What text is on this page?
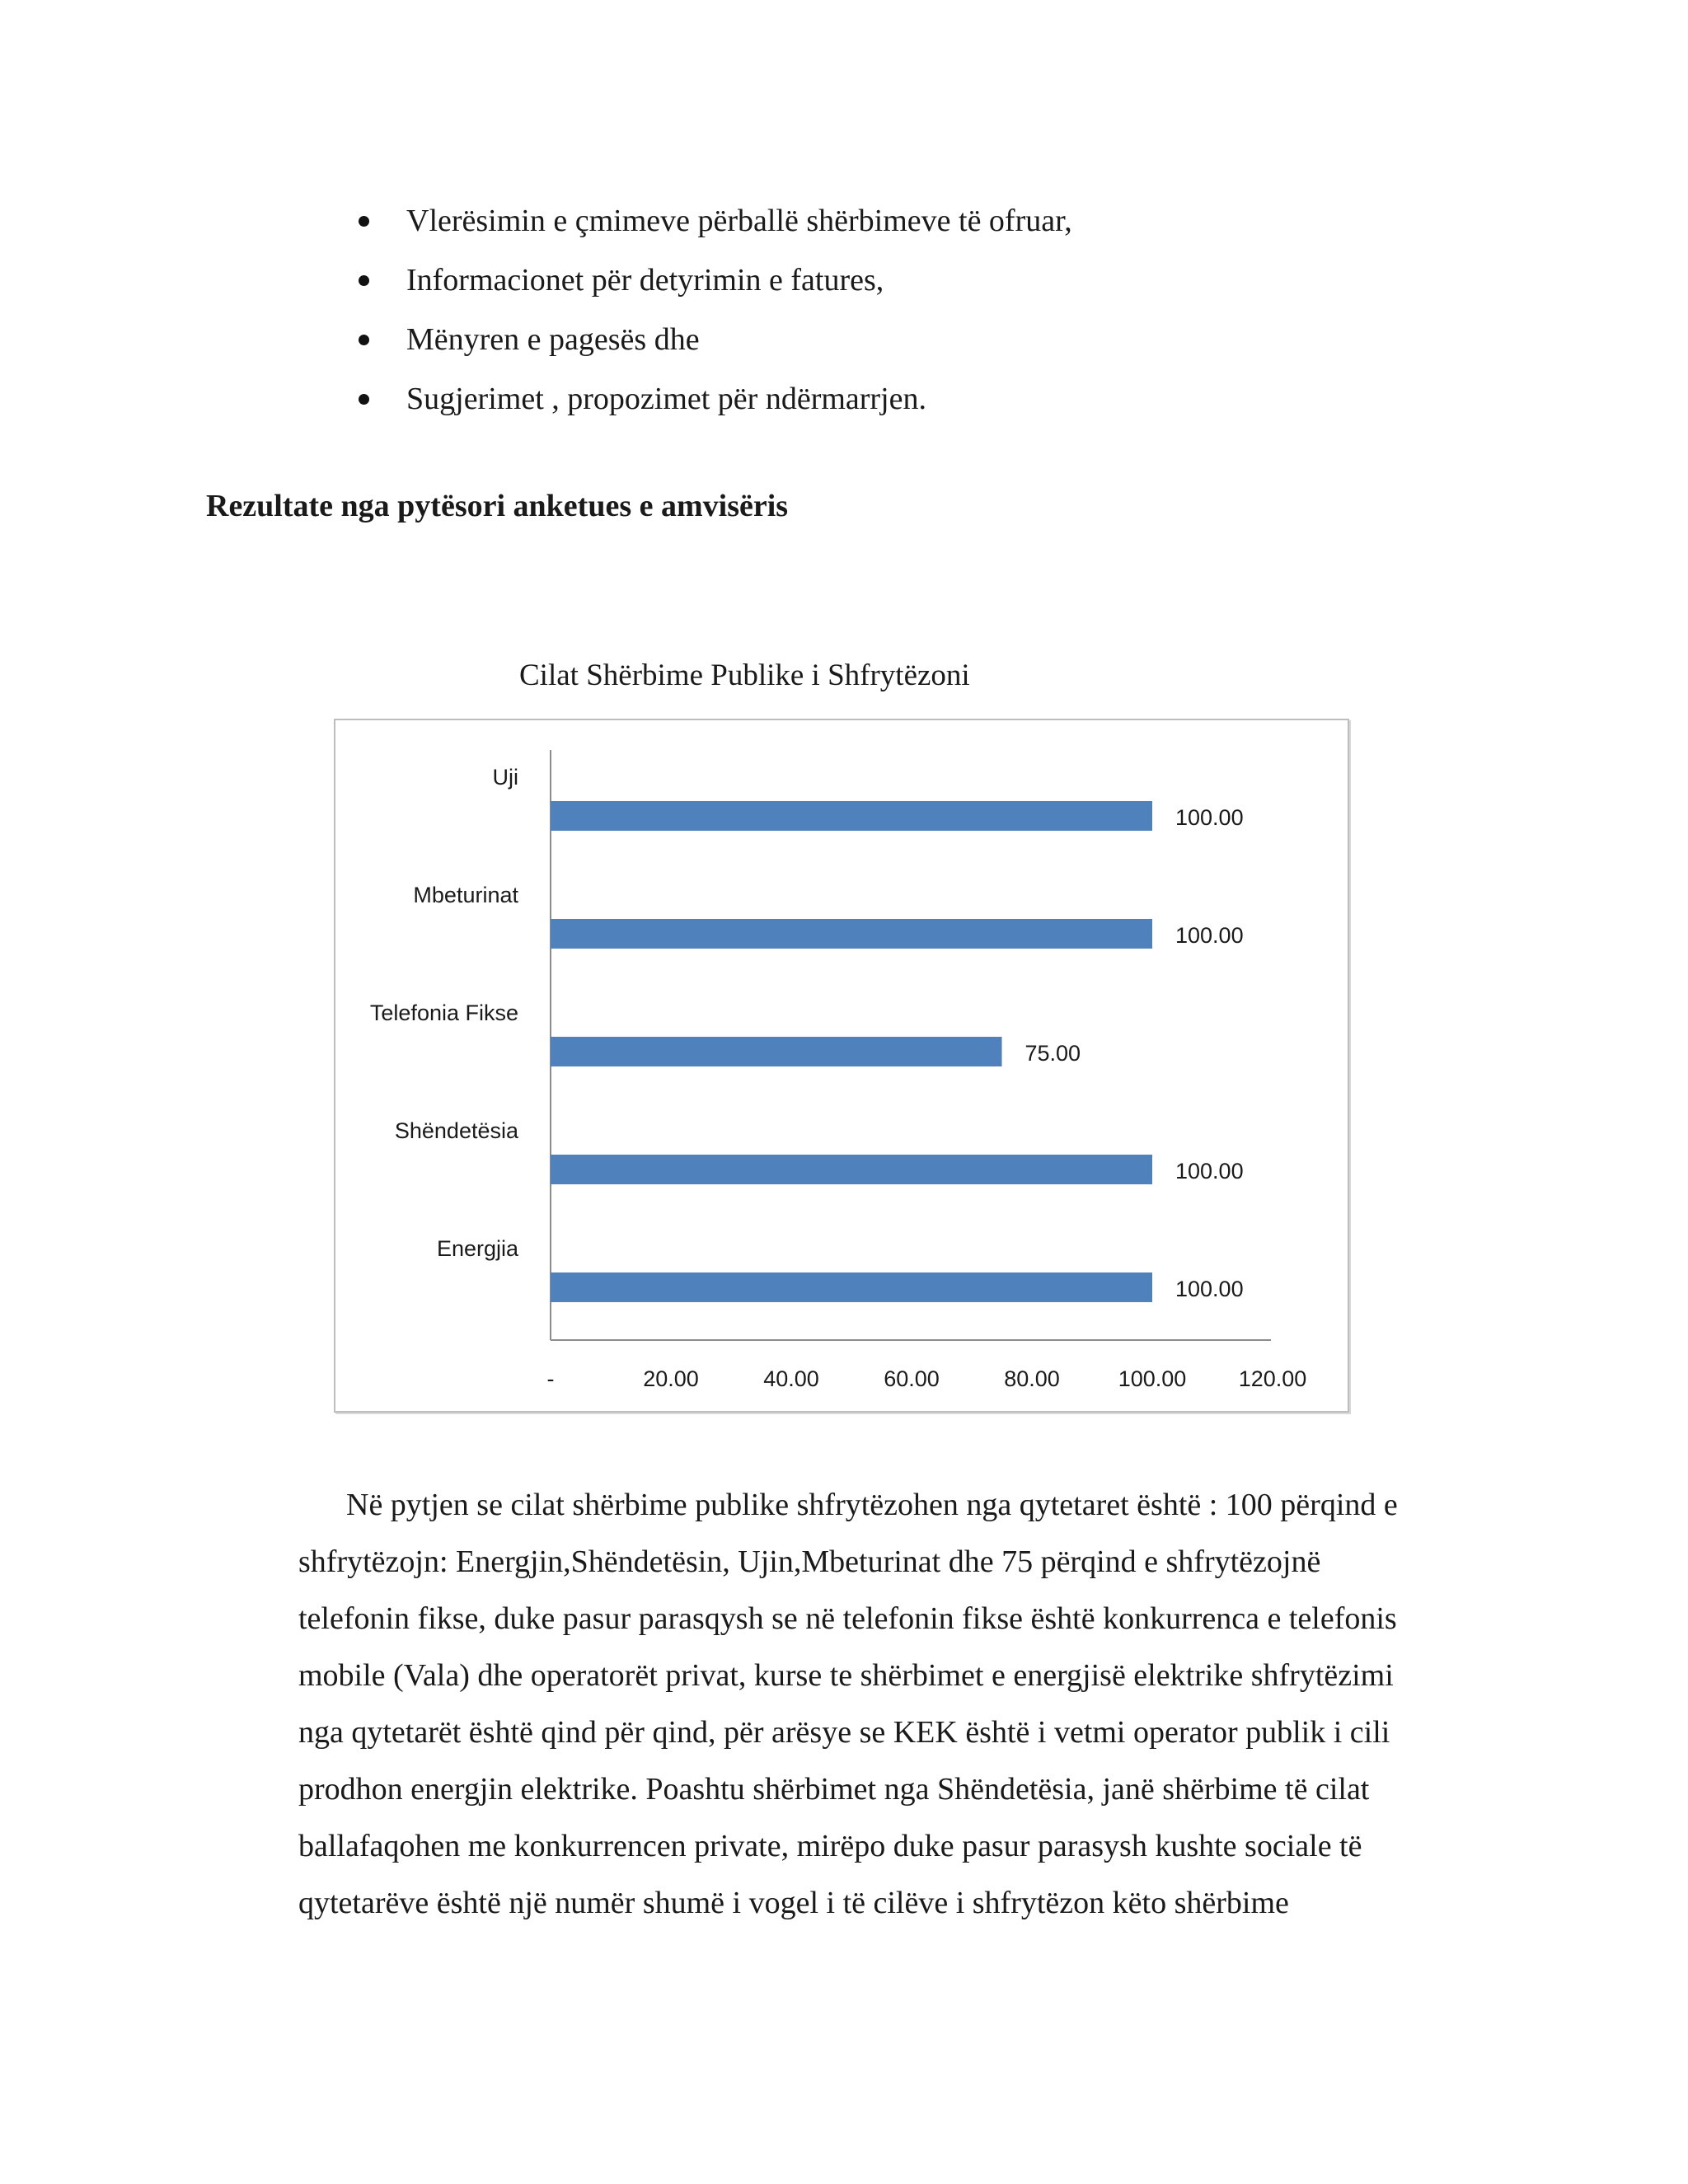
Vlerësimin e çmimeve përballë shërbimeve të ofruar,
Informacionet për detyrimin e fatures,
Mënyren e pagesës dhe
Sugjerimet , propozimet për ndërmarrjen.
Rezultate nga pytësori anketues e amvisëris
Cilat Shërbime Publike i Shfrytëzoni
Uji
100.00
Mbeturinat
100.00
Telefonia Fikse
75.00
Shëndetësia
100.00
Energjia
100.00
-	20.00	40.00	60.00	80.00	100.00 120.00
Në pytjen se cilat shërbime publike shfrytëzohen nga qytetaret është : 100 përqind e
shfrytëzojn: Energjin,Shëndetësin, Ujin,Mbeturinat dhe 75 përqind e shfrytëzojnë
telefonin fikse, duke pasur parasqysh se në telefonin fikse është konkurrenca e telefonis
mobile (Vala) dhe operatorët privat, kurse te shërbimet e energjisë elektrike shfrytëzimi
nga qytetarët është qind për qind, për arësye se KEK është i vetmi operator publik i cili
prodhon energjin elektrike. Poashtu shërbimet nga Shëndetësia, janë shërbime të cilat
ballafaqohen me konkurrencen private, mirëpo duke pasur parasysh kushte sociale të
qytetarëve është një numër shumë i vogel i të cilëve i shfrytëzon këto shërbime
